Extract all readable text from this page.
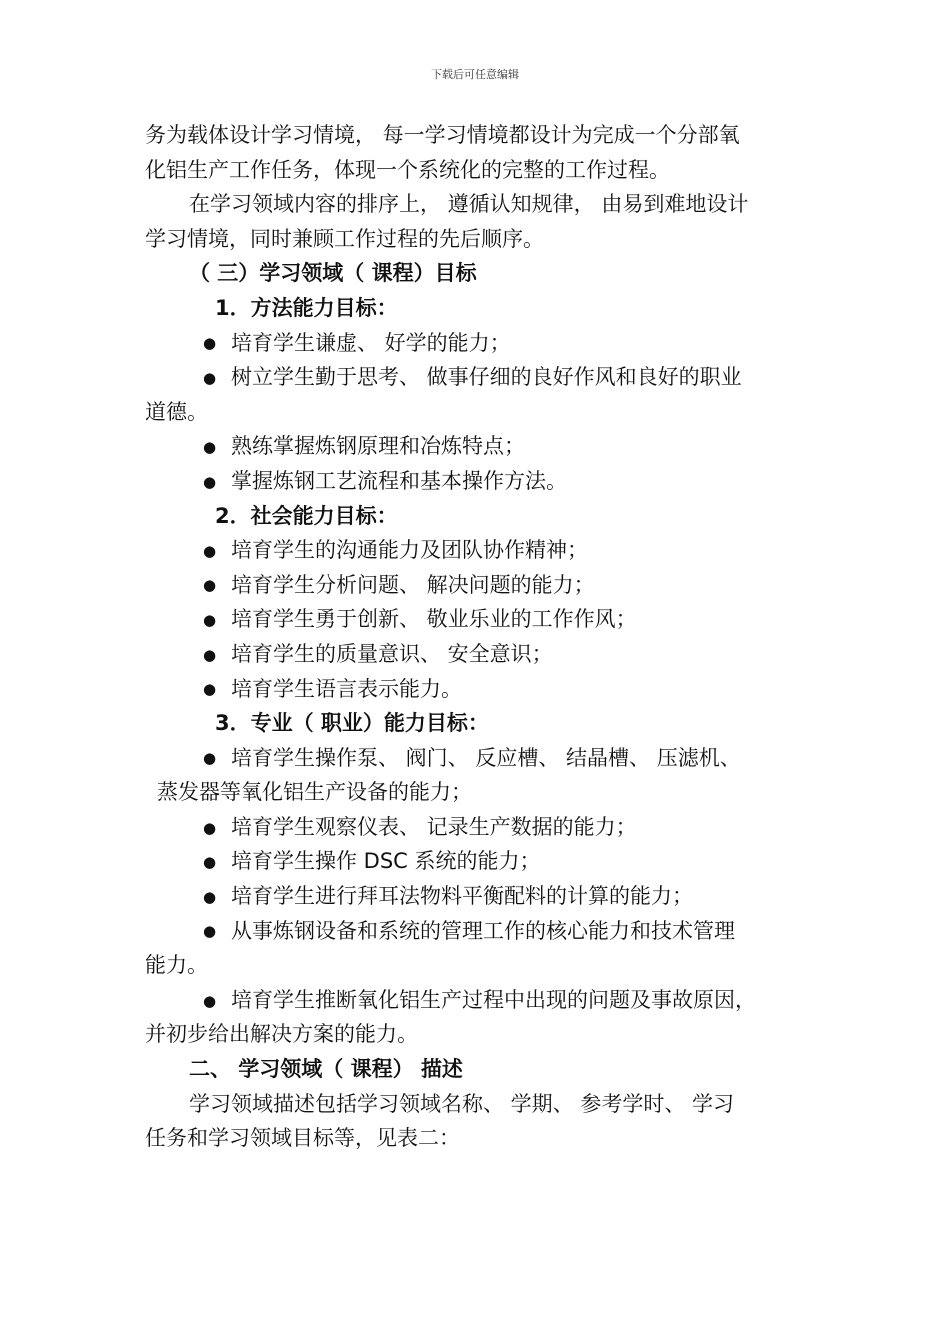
下载后可任意编辑
务为载体设计学习情境， 每一学习情境都设计为完成一个分部氧
化铝生产工作任务，体现一个系统化的完整的工作过程。
在学习领域内容的排序上， 遵循认知规律， 由易到难地设计
学习情境，同时兼顾工作过程的先后顺序。
（ 三）学习领域（ 课程）目标
1．方法能力目标：
● 培育学生谦虚、 好学的能力；
● 树立学生勤于思考、 做事仔细的良好作风和良好的职业
道德。
● 熟练掌握炼钢原理和冶炼特点；
● 掌握炼钢工艺流程和基本操作方法。
2．社会能力目标：
● 培育学生的沟通能力及团队协作精神；
● 培育学生分析问题、 解决问题的能力；
● 培育学生勇于创新、 敬业乐业的工作作风；
● 培育学生的质量意识、 安全意识；
● 培育学生语言表示能力。
3．专业（ 职业）能力目标：
● 培育学生操作泵、 阀门、 反应槽、 结晶槽、 压滤机、
蒸发器等氧化铝生产设备的能力；
● 培育学生观察仪表、 记录生产数据的能力；
● 培育学生操作 DSC 系统的能力；
● 培育学生进行拜耳法物料平衡配料的计算的能力；
● 从事炼钢设备和系统的管理工作的核心能力和技术管理
能力。
● 培育学生推断氧化铝生产过程中出现的问题及事故原因，
并初步给出解决方案的能力。
二、 学习领域（ 课程） 描述
学习领域描述包括学习领域名称、 学期、 参考学时、 学习
任务和学习领域目标等，见表二：
